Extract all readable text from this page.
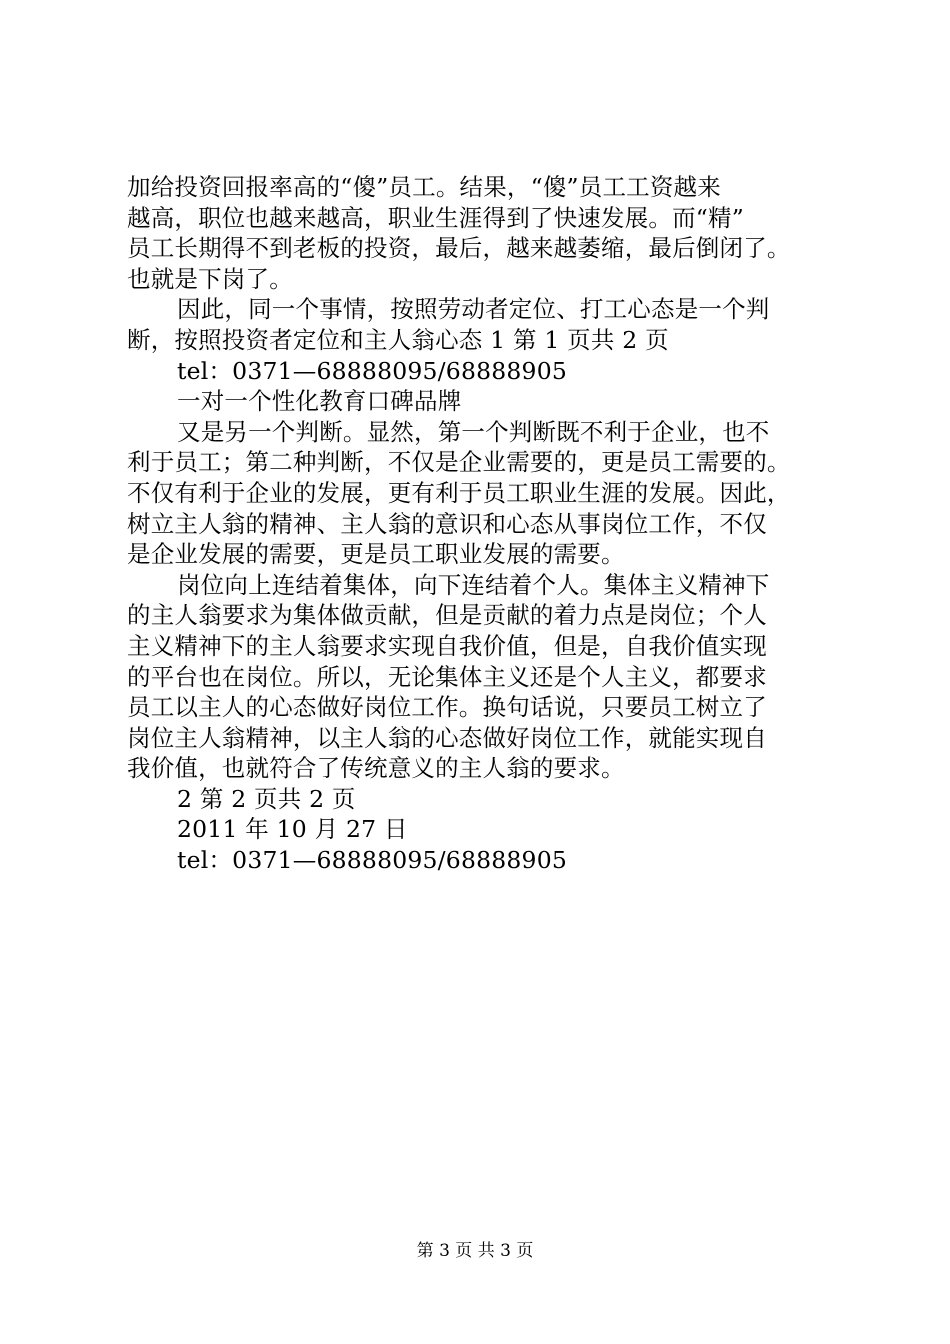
加给投资回报率高的“傻”员工。结果，“傻”员工工资越来
越高，职位也越来越高，职业生涯得到了快速发展。而“精”
员工长期得不到老板的投资，最后，越来越萎缩，最后倒闭了。
也就是下岗了。
因此，同一个事情，按照劳动者定位、打工心态是一个判
断，按照投资者定位和主人翁心态 1 第 1 页共 2 页
tel：0371—68888095/68888905
一对一个性化教育口碑品牌
又是另一个判断。显然，第一个判断既不利于企业，也不
利于员工；第二种判断，不仅是企业需要的，更是员工需要的。
不仅有利于企业的发展，更有利于员工职业生涯的发展。因此，
树立主人翁的精神、主人翁的意识和心态从事岗位工作，不仅
是企业发展的需要，更是员工职业发展的需要。
岗位向上连结着集体，向下连结着个人。集体主义精神下
的主人翁要求为集体做贡献，但是贡献的着力点是岗位；个人
主义精神下的主人翁要求实现自我价值，但是，自我价值实现
的平台也在岗位。所以，无论集体主义还是个人主义，都要求
员工以主人的心态做好岗位工作。换句话说，只要员工树立了
岗位主人翁精神，以主人翁的心态做好岗位工作，就能实现自
我价值，也就符合了传统意义的主人翁的要求。
2 第 2 页共 2 页
2011 年 10 月 27 日
tel：0371—68888095/68888905
第 3 页 共 3 页
